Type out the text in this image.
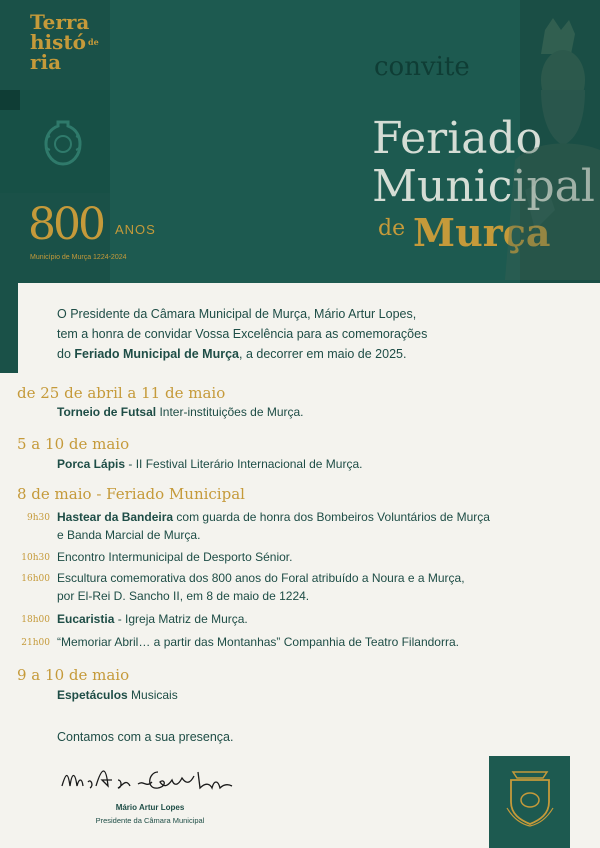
Terra
histó $^{de}$
ria
800 ANOS
Município de Murça 1224-2024
convite
Feriado
Municipal
de Murça
O Presidente da Câmara Municipal de Murça, Mário Artur Lopes,
tem a honra de convidar Vossa Excelência para as comemorações
do Feriado Municipal de Murça, a decorrer em maio de 2025.
de 25 de abril a 11 de maio
Torneio de Futsal Inter-instituições de Murça.
5 a 10 de maio
Porca Lápis - II Festival Literário Internacional de Murça.
8 de maio - Feriado Municipal
9h30 Hastear da Bandeira com guarda de honra dos Bombeiros Voluntários de Murça
e Banda Marcial de Murça.
10h30 Encontro Intermunicipal de Desporto Sénior.
16h00 Escultura comemorativa dos 800 anos do Foral atribuído a Noura e a Murça,
por El-Rei D. Sancho II, em 8 de maio de 1224.
18h00 Eucaristia - Igreja Matriz de Murça.
21h00 “Memoriar Abril… a partir das Montanhas” Companhia de Teatro Filandorra.
9 a 10 de maio
Espetáculos Musicais
Contamos com a sua presença.
Mário Artur Lopes
Presidente da Câmara Municipal
